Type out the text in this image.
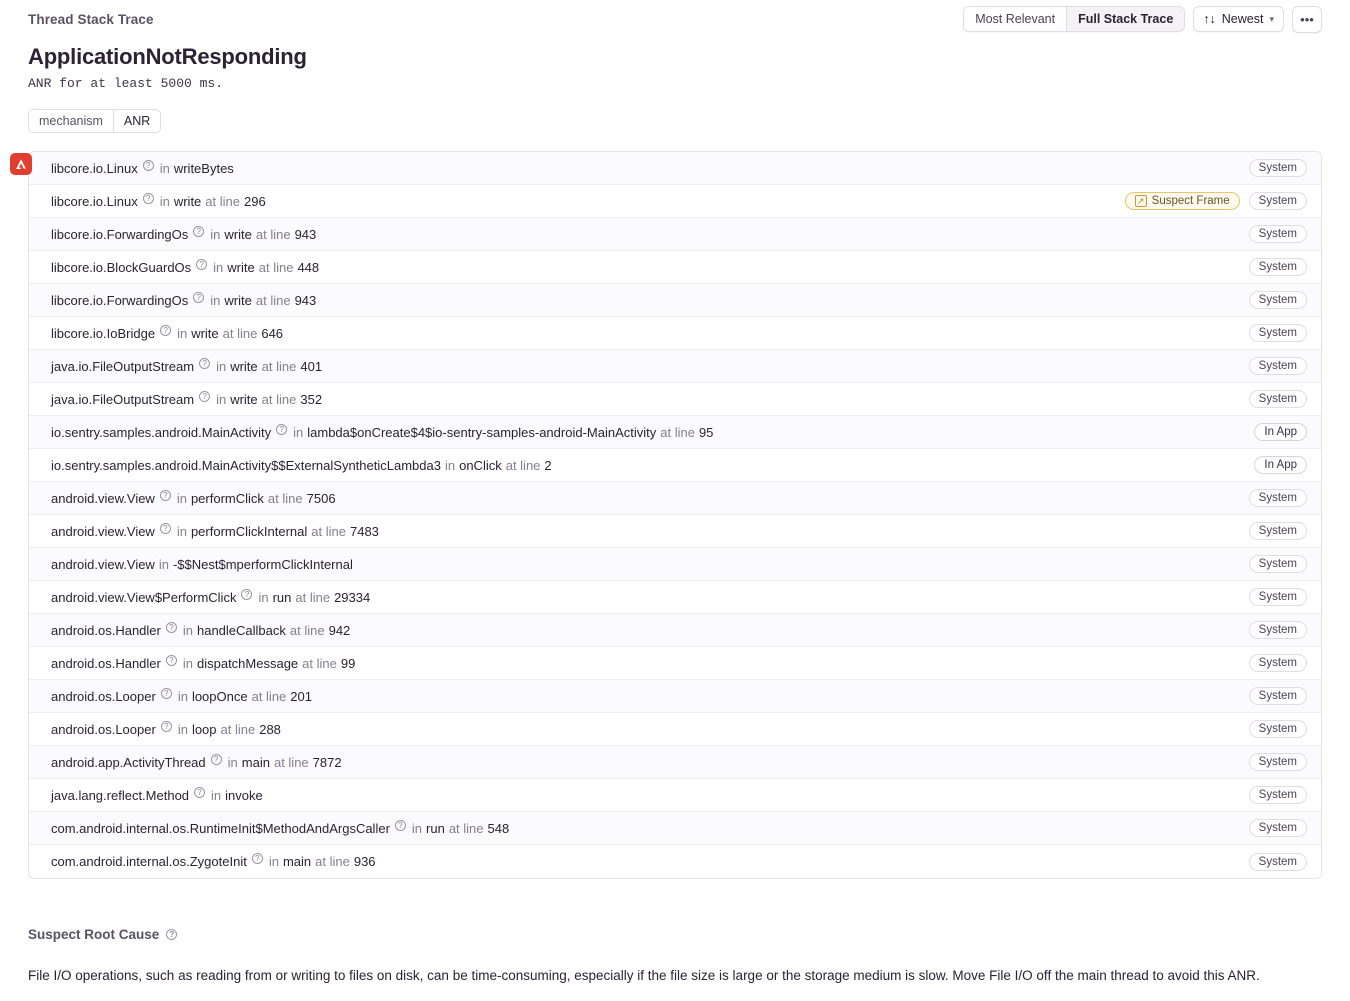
Thread Stack Trace	Most Relevant	Full Stack Trace	↑↓ Newest ▾	•••
ApplicationNotResponding
ANR for at least 5000 ms.
mechanism	ANR
libcore.io.Linux	? in writeBytes	System
libcore.io.Linux	? in write at line 296	↗ Suspect Frame	System
libcore.io.ForwardingOs	? in write at line 943	System
libcore.io.BlockGuardOs	? in write at line 448	System
libcore.io.ForwardingOs	? in write at line 943	System
libcore.io.IoBridge	? in write at line 646	System
java.io.FileOutputStream	? in write at line 401	System
java.io.FileOutputStream	? in write at line 352	System
io.sentry.samples.android.MainActivity	? in lambda$onCreate$4$io-sentry-samples-android-MainActivity at line 95	In App
io.sentry.samples.android.MainActivity$$ExternalSyntheticLambda3 in onClick at line 2	In App
android.view.View	? in performClick at line 7506	System
android.view.View	? in performClickInternal at line 7483	System
android.view.View in -$$Nest$mperformClickInternal	System
android.view.View$PerformClick	? in run at line 29334	System
android.os.Handler	? in handleCallback at line 942	System
android.os.Handler	? in dispatchMessage at line 99	System
android.os.Looper	? in loopOnce at line 201	System
android.os.Looper	? in loop at line 288	System
android.app.ActivityThread	? in main at line 7872	System
java.lang.reflect.Method	? in invoke	System
com.android.internal.os.RuntimeInit$MethodAndArgsCaller	? in run at line 548	System
com.android.internal.os.ZygoteInit	? in main at line 936	System
Suspect Root Cause	?
File I/O operations, such as reading from or writing to files on disk, can be time-consuming, especially if the file size is large or the storage medium is slow. Move File I/O off the main thread to avoid this ANR.
